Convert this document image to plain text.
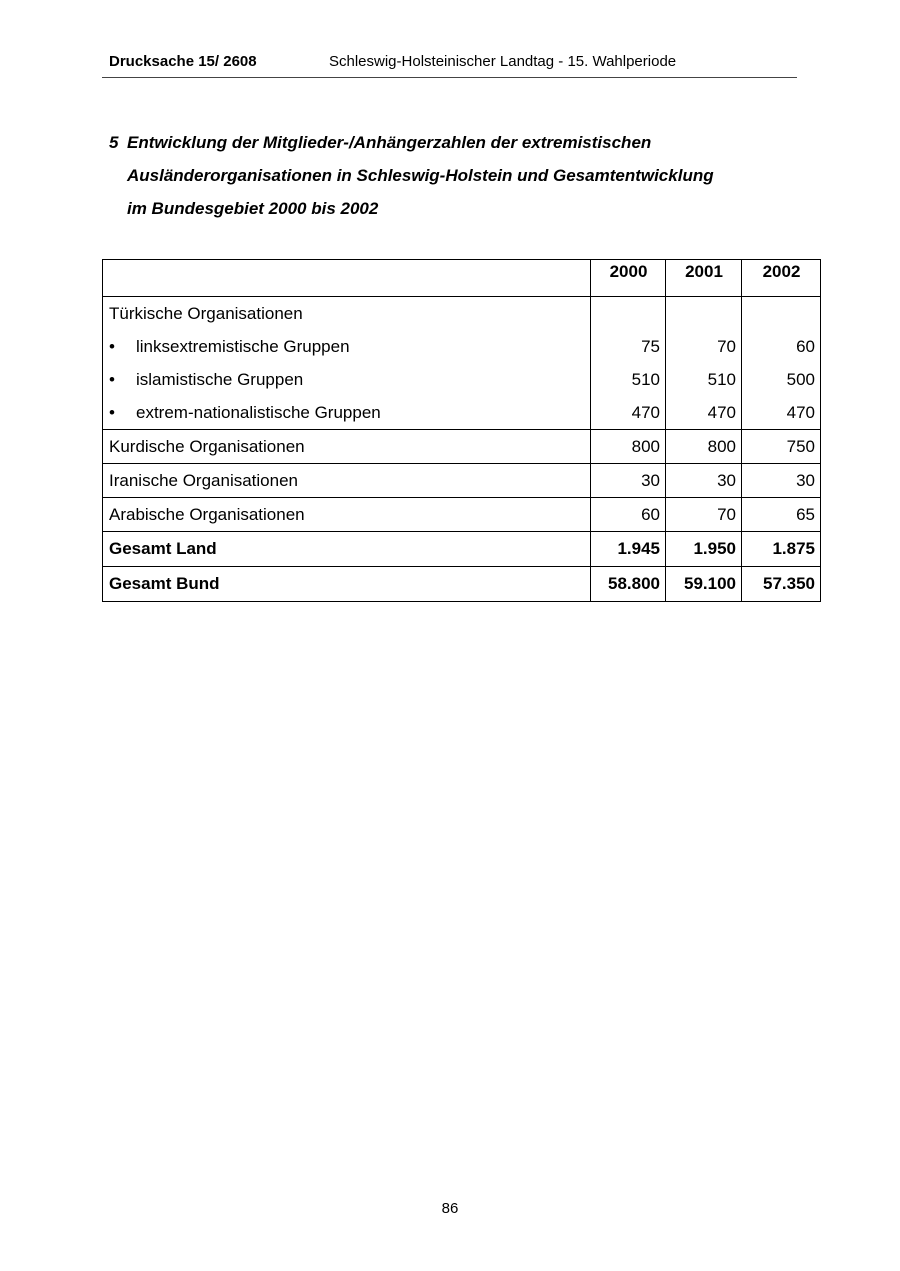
Drucksache 15/ 2608	Schleswig-Holsteinischer Landtag - 15. Wahlperiode
5 Entwicklung der Mitglieder-/Anhängerzahlen der extremistischen
Ausländerorganisationen in Schleswig-Holstein und Gesamtentwicklung
im Bundesgebiet 2000 bis 2002
	2000	2001	2002
Türkische Organisationen			
• linksextremistische Gruppen	75	70	60
• islamistische Gruppen	510	510	500
• extrem-nationalistische Gruppen	470	470	470
Kurdische Organisationen	800	800	750
Iranische Organisationen	30	30	30
Arabische Organisationen	60	70	65
Gesamt Land	1.945	1.950	1.875
Gesamt Bund	58.800	59.100	57.350
86
